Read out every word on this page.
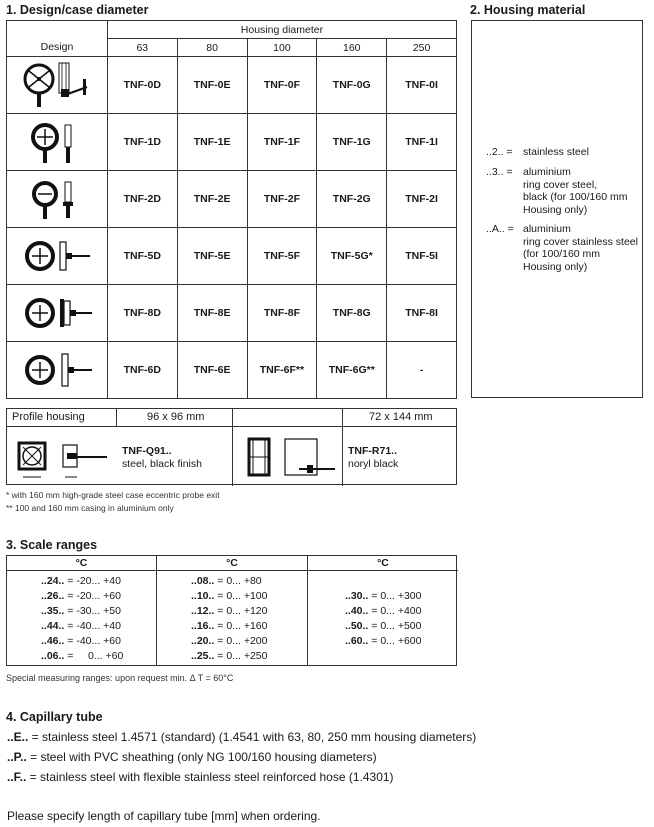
1. Design/case diameter
	Housing diameter				
Design	63	80	100	160	250

	TNF-0D	TNF-0E	TNF-0F	TNF-0G	TNF-0I

	TNF-1D	TNF-1E	TNF-1F	TNF-1G	TNF-1I

	TNF-2D	TNF-2E	TNF-2F	TNF-2G	TNF-2I

	TNF-5D	TNF-5E	TNF-5F	TNF-5G*	TNF-5I

	TNF-8D	TNF-8E	TNF-8F	TNF-8G	TNF-8I

	TNF-6D	TNF-6E	TNF-6F**	TNF-6G**	-
2. Housing material
..2.. = stainless steel
..3.. = aluminium
ring cover steel,
black (for 100/160 mm
Housing only)
..A.. = aluminium
ring cover stainless steel
(for 100/160 mm
Housing only)
Profile housing	96 x 96 mm	72 x 144 mm
TNF-Q91..
steel, black finish
TNF-R71..
noryl black
* with 160 mm high-grade steel case eccentric probe exit
** 100 and 160 mm casing in aluminium only
3. Scale ranges
°C
..24.. = -20... +40
..26.. = -20... +60
..35.. = -30... +50
..44.. = -40... +40
..46.. = -40... +60
..06.. =     0... +60
°C
..08.. = 0... +80
..10.. = 0... +100
..12.. = 0... +120
..16.. = 0... +160
..20.. = 0... +200
..25.. = 0... +250
°C
..30.. = 0... +300
..40.. = 0... +400
..50.. = 0... +500
..60.. = 0... +600
Special measuring ranges: upon request min. Δ T = 60°C
4. Capillary tube
..E.. = stainless steel 1.4571 (standard) (1.4541 with 63, 80, 250 mm housing diameters)
..P.. = steel with PVC sheathing (only NG 100/160 housing diameters)
..F.. = stainless steel with flexible stainless steel reinforced hose (1.4301)
Please specify length of capillary tube [mm] when ordering.
